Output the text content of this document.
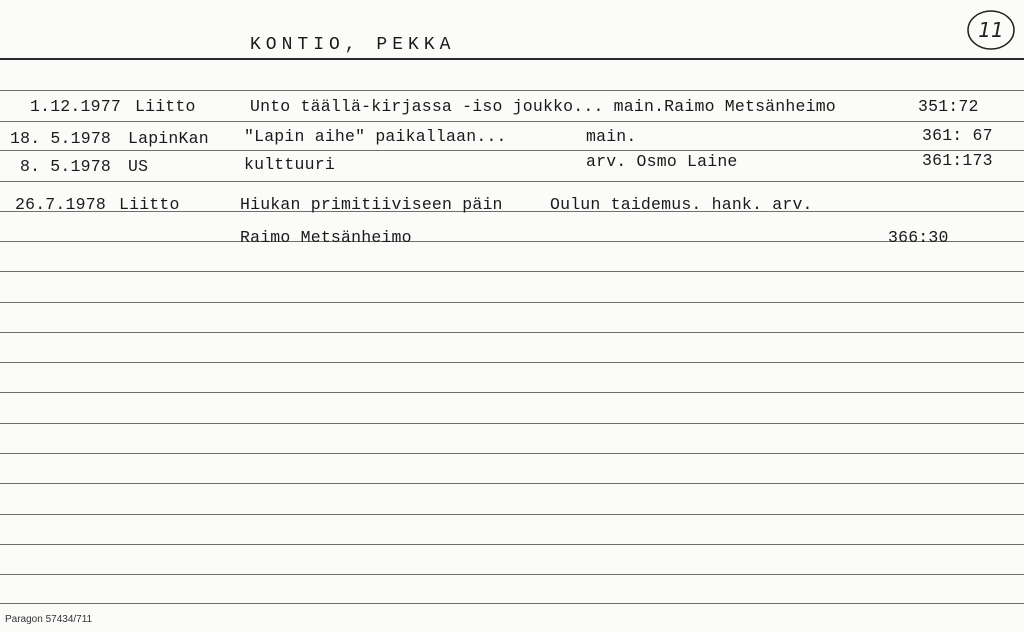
KONTIO, PEKKA
11
1.12.1977 Liitto	Unto täällä-kirjassa -iso joukko... main.Raimo Metsänheimo	351:72
18. 5.1978 LapinKan "Lapin aihe" paikallaan...	main.	361: 67
8. 5.1978 US	kulttuuri	arv. Osmo Laine	361:173
26.7.1978 Liitto	Hiukan primitiiviseen päin	Oulun taidemus. hank. arv.
Raimo Metsänheimo	366:30
Paragon 57434/711
